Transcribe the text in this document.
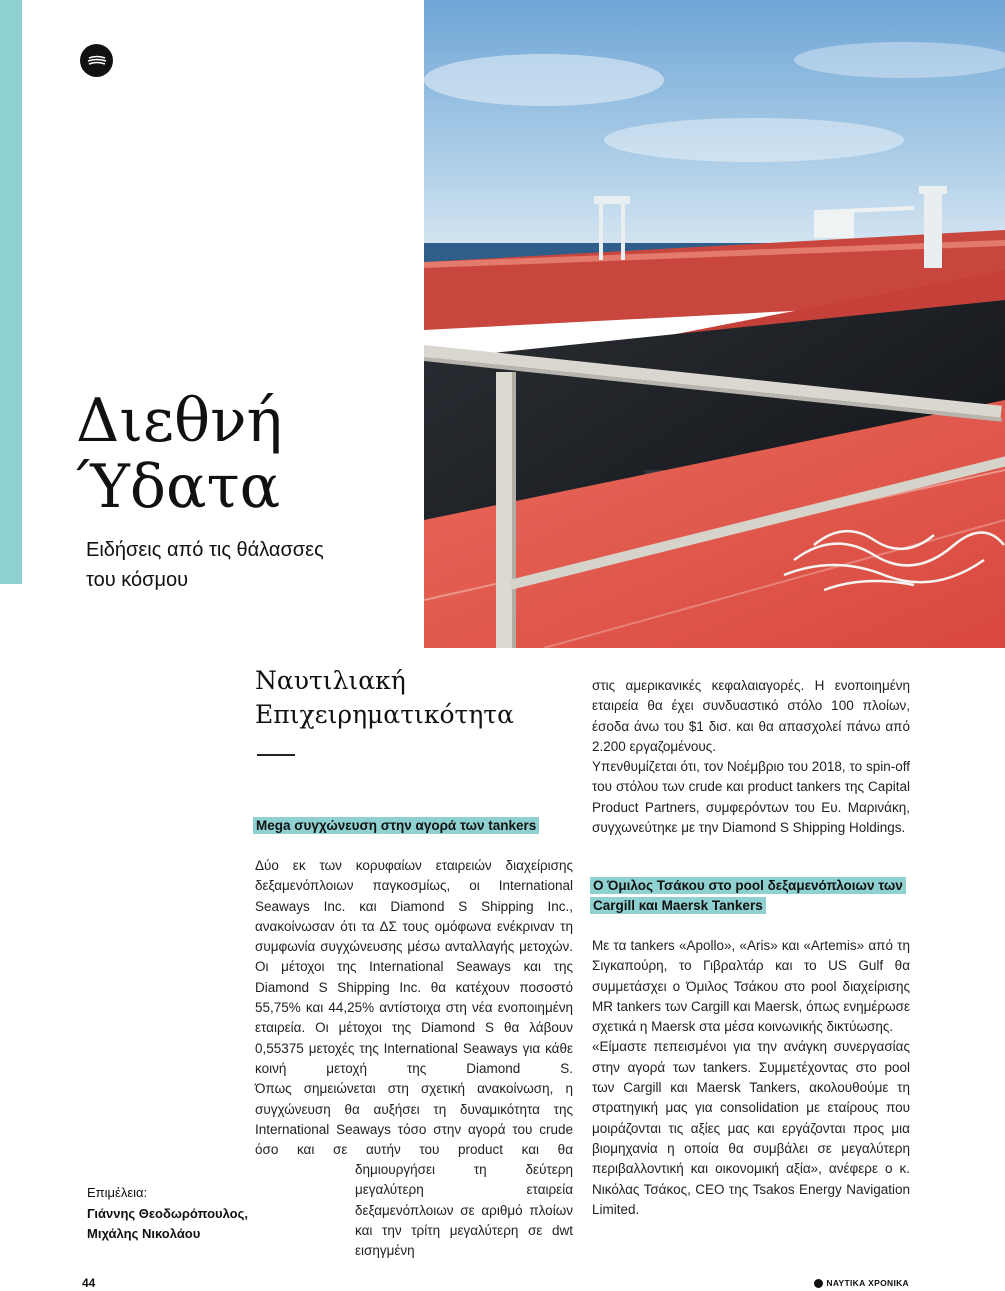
Διεθνή
Ύδατα
Ειδήσεις από τις θάλασσες
του κόσμου
Ναυτιλιακή
Επιχειρηματικότητα

Mega συγχώνευση στην αγορά των tankers

Δύο εκ των κορυφαίων εταιρειών διαχείρισης δεξαμενόπλοιων παγκοσμίως, οι International Seaways Inc. και Diamond S Shipping Inc., ανακοίνωσαν ότι τα ΔΣ τους ομόφωνα ενέκριναν τη συμφωνία συγχώνευσης μέσω ανταλλαγής μετοχών. Οι μέτοχοι της International Seaways και της Diamond S Shipping Inc. θα κατέχουν ποσοστό 55,75% και 44,25% αντίστοιχα στη νέα ενοποιημένη εταιρεία. Οι μέτοχοι της Diamond S θα λάβουν 0,55375 μετοχές της International Seaways για κάθε κοινή μετοχή της Diamond S.

Όπως σημειώνεται στη σχετική ανακοίνωση, η συγχώνευση θα αυξήσει τη δυναμικότητα της International Seaways τόσο στην αγορά του crude όσο και σε αυτήν του product και θα

δημιουργήσει τη δεύτερη μεγαλύτερη εταιρεία δεξαμενόπλοιων σε αριθμό πλοίων και την τρίτη μεγαλύτερη σε dwt εισηγμένη

στις αμερικανικές κεφαλαιαγορές. Η ενοποιημένη εταιρεία θα έχει συνδυαστικό στόλο 100 πλοίων, έσοδα άνω του $1 δισ. και θα απασχολεί πάνω από 2.200 εργαζομένους.

Υπενθυμίζεται ότι, τον Νοέμβριο του 2018, το spin-off του στόλου των crude και product tankers της Capital Product Partners, συμφερόντων του Ευ. Μαρινάκη, συγχωνεύτηκε με την Diamond S Shipping Holdings.

Ο Όμιλος Τσάκου στο pool δεξαμενόπλοιων των Cargill και Maersk Tankers

Με τα tankers «Apollo», «Aris» και «Artemis» από τη Σιγκαπούρη, το Γιβραλτάρ και το US Gulf θα συμμετάσχει ο Όμιλος Τσάκου στο pool διαχείρισης MR tankers των Cargill και Maersk, όπως ενημέρωσε σχετικά η Maersk στα μέσα κοινωνικής δικτύωσης.

«Είμαστε πεπεισμένοι για την ανάγκη συνεργασίας στην αγορά των tankers. Συμμετέχοντας στο pool των Cargill και Maersk Tankers, ακολουθούμε τη στρατηγική μας για consolidation με εταίρους που μοιράζονται τις αξίες μας και εργάζονται προς μια βιομηχανία η οποία θα συμβάλει σε μεγαλύτερη περιβαλλοντική και οικονομική αξία», ανέφερε ο κ. Νικόλας Τσάκος, CEO της Tsakos Energy Navigation Limited.

Επιμέλεια:
Γιάννης Θεοδωρόπουλος,
Μιχάλης Νικολάου
44	ΝΑΥΤΙΚΑ ΧΡΟΝΙΚΑ
